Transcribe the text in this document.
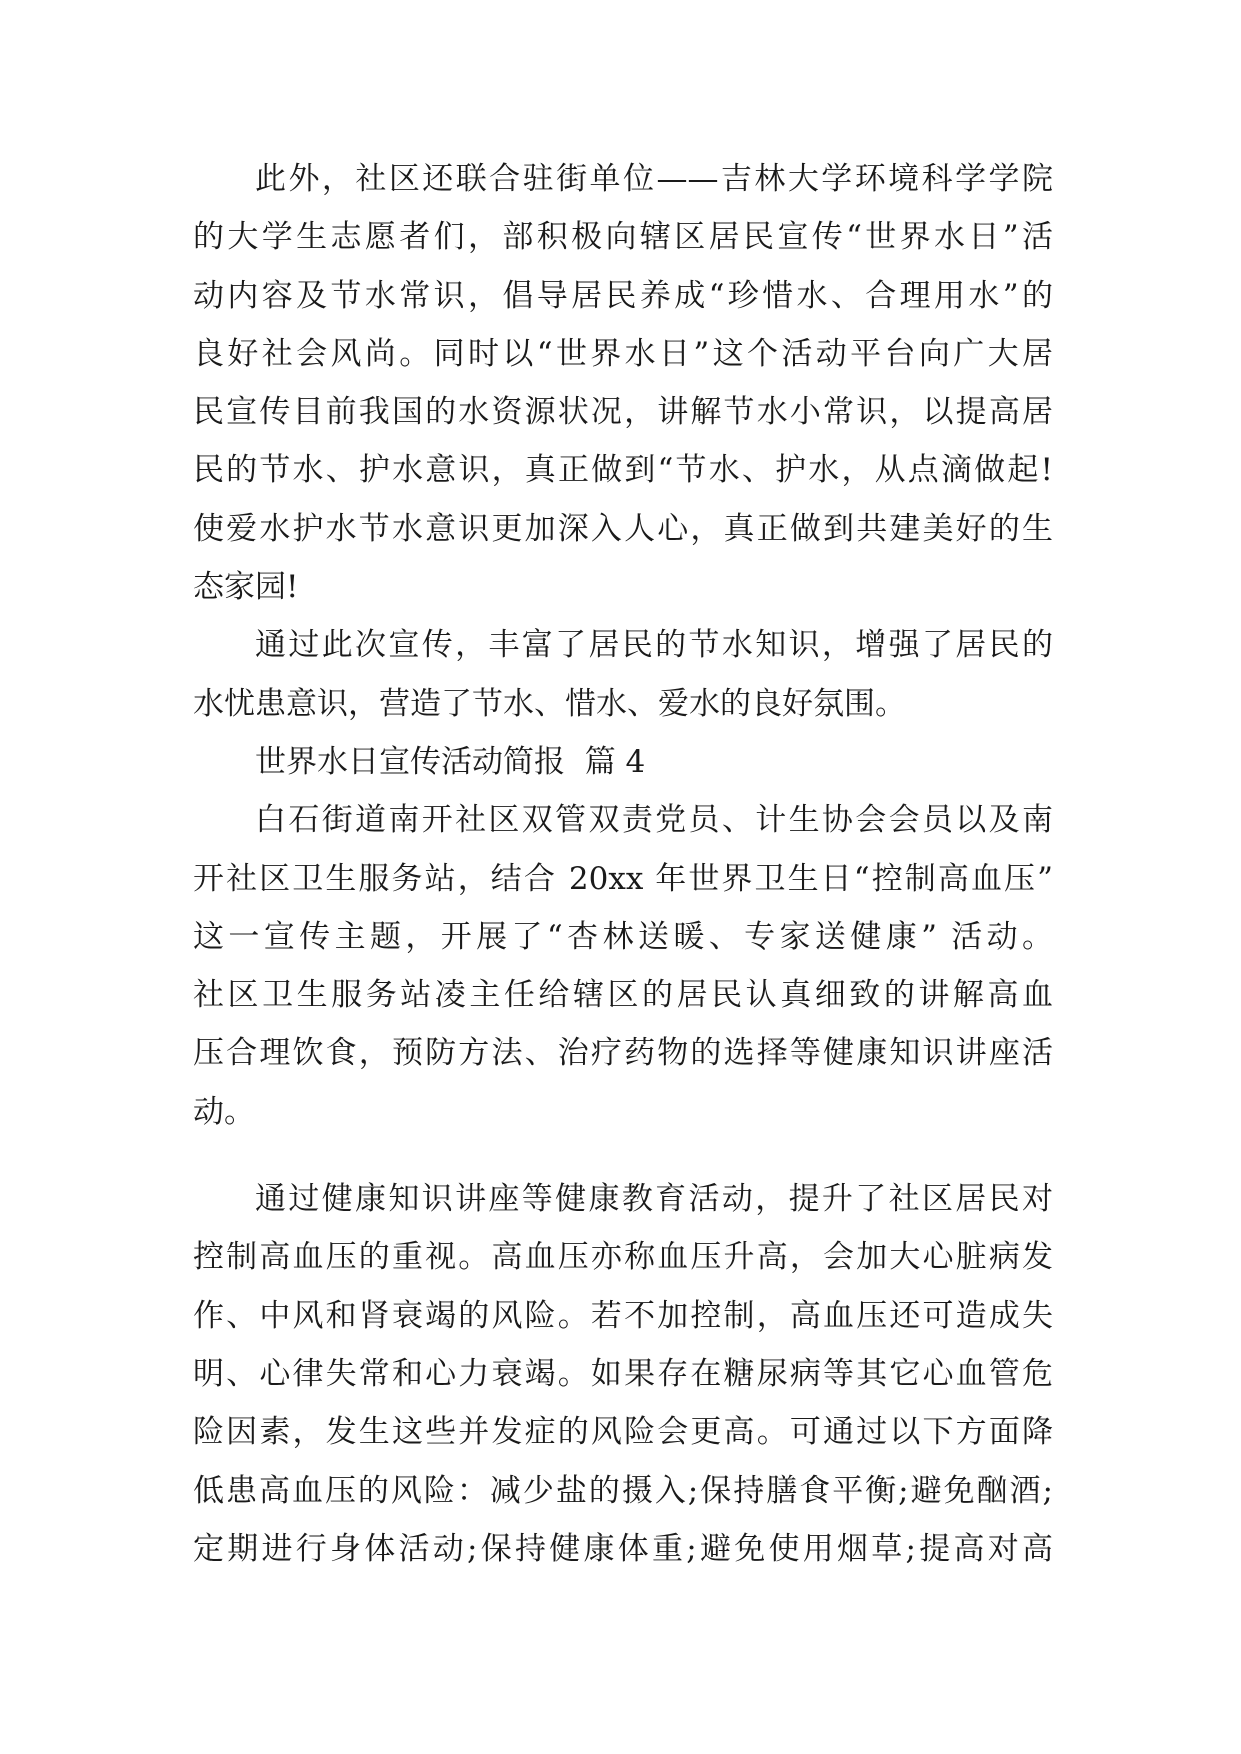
此外，社区还联合驻街单位——吉林大学环境科学学院
的大学生志愿者们，部积极向辖区居民宣传“世界水日”活
动内容及节水常识，倡导居民养成“珍惜水、合理用水”的
良好社会风尚。同时以“世界水日”这个活动平台向广大居
民宣传目前我国的水资源状况，讲解节水小常识，以提高居
民的节水、护水意识，真正做到“节水、护水，从点滴做起!
使爱水护水节水意识更加深入人心，真正做到共建美好的生
态家园!
通过此次宣传，丰富了居民的节水知识，增强了居民的
水忧患意识，营造了节水、惜水、爱水的良好氛围。
世界水日宣传活动简报  篇 4
白石街道南开社区双管双责党员、计生协会会员以及南
开社区卫生服务站，结合 20xx 年世界卫生日“控制高血压”
这一宣传主题，开展了“杏林送暖、专家送健康” 活动。
社区卫生服务站凌主任给辖区的居民认真细致的讲解高血
压合理饮食，预防方法、治疗药物的选择等健康知识讲座活
动。
通过健康知识讲座等健康教育活动，提升了社区居民对
控制高血压的重视。高血压亦称血压升高，会加大心脏病发
作、中风和肾衰竭的风险。若不加控制，高血压还可造成失
明、心律失常和心力衰竭。如果存在糖尿病等其它心血管危
险因素，发生这些并发症的风险会更高。可通过以下方面降
低患高血压的风险：减少盐的摄入;保持膳食平衡;避免酗酒;
定期进行身体活动;保持健康体重;避免使用烟草;提高对高
